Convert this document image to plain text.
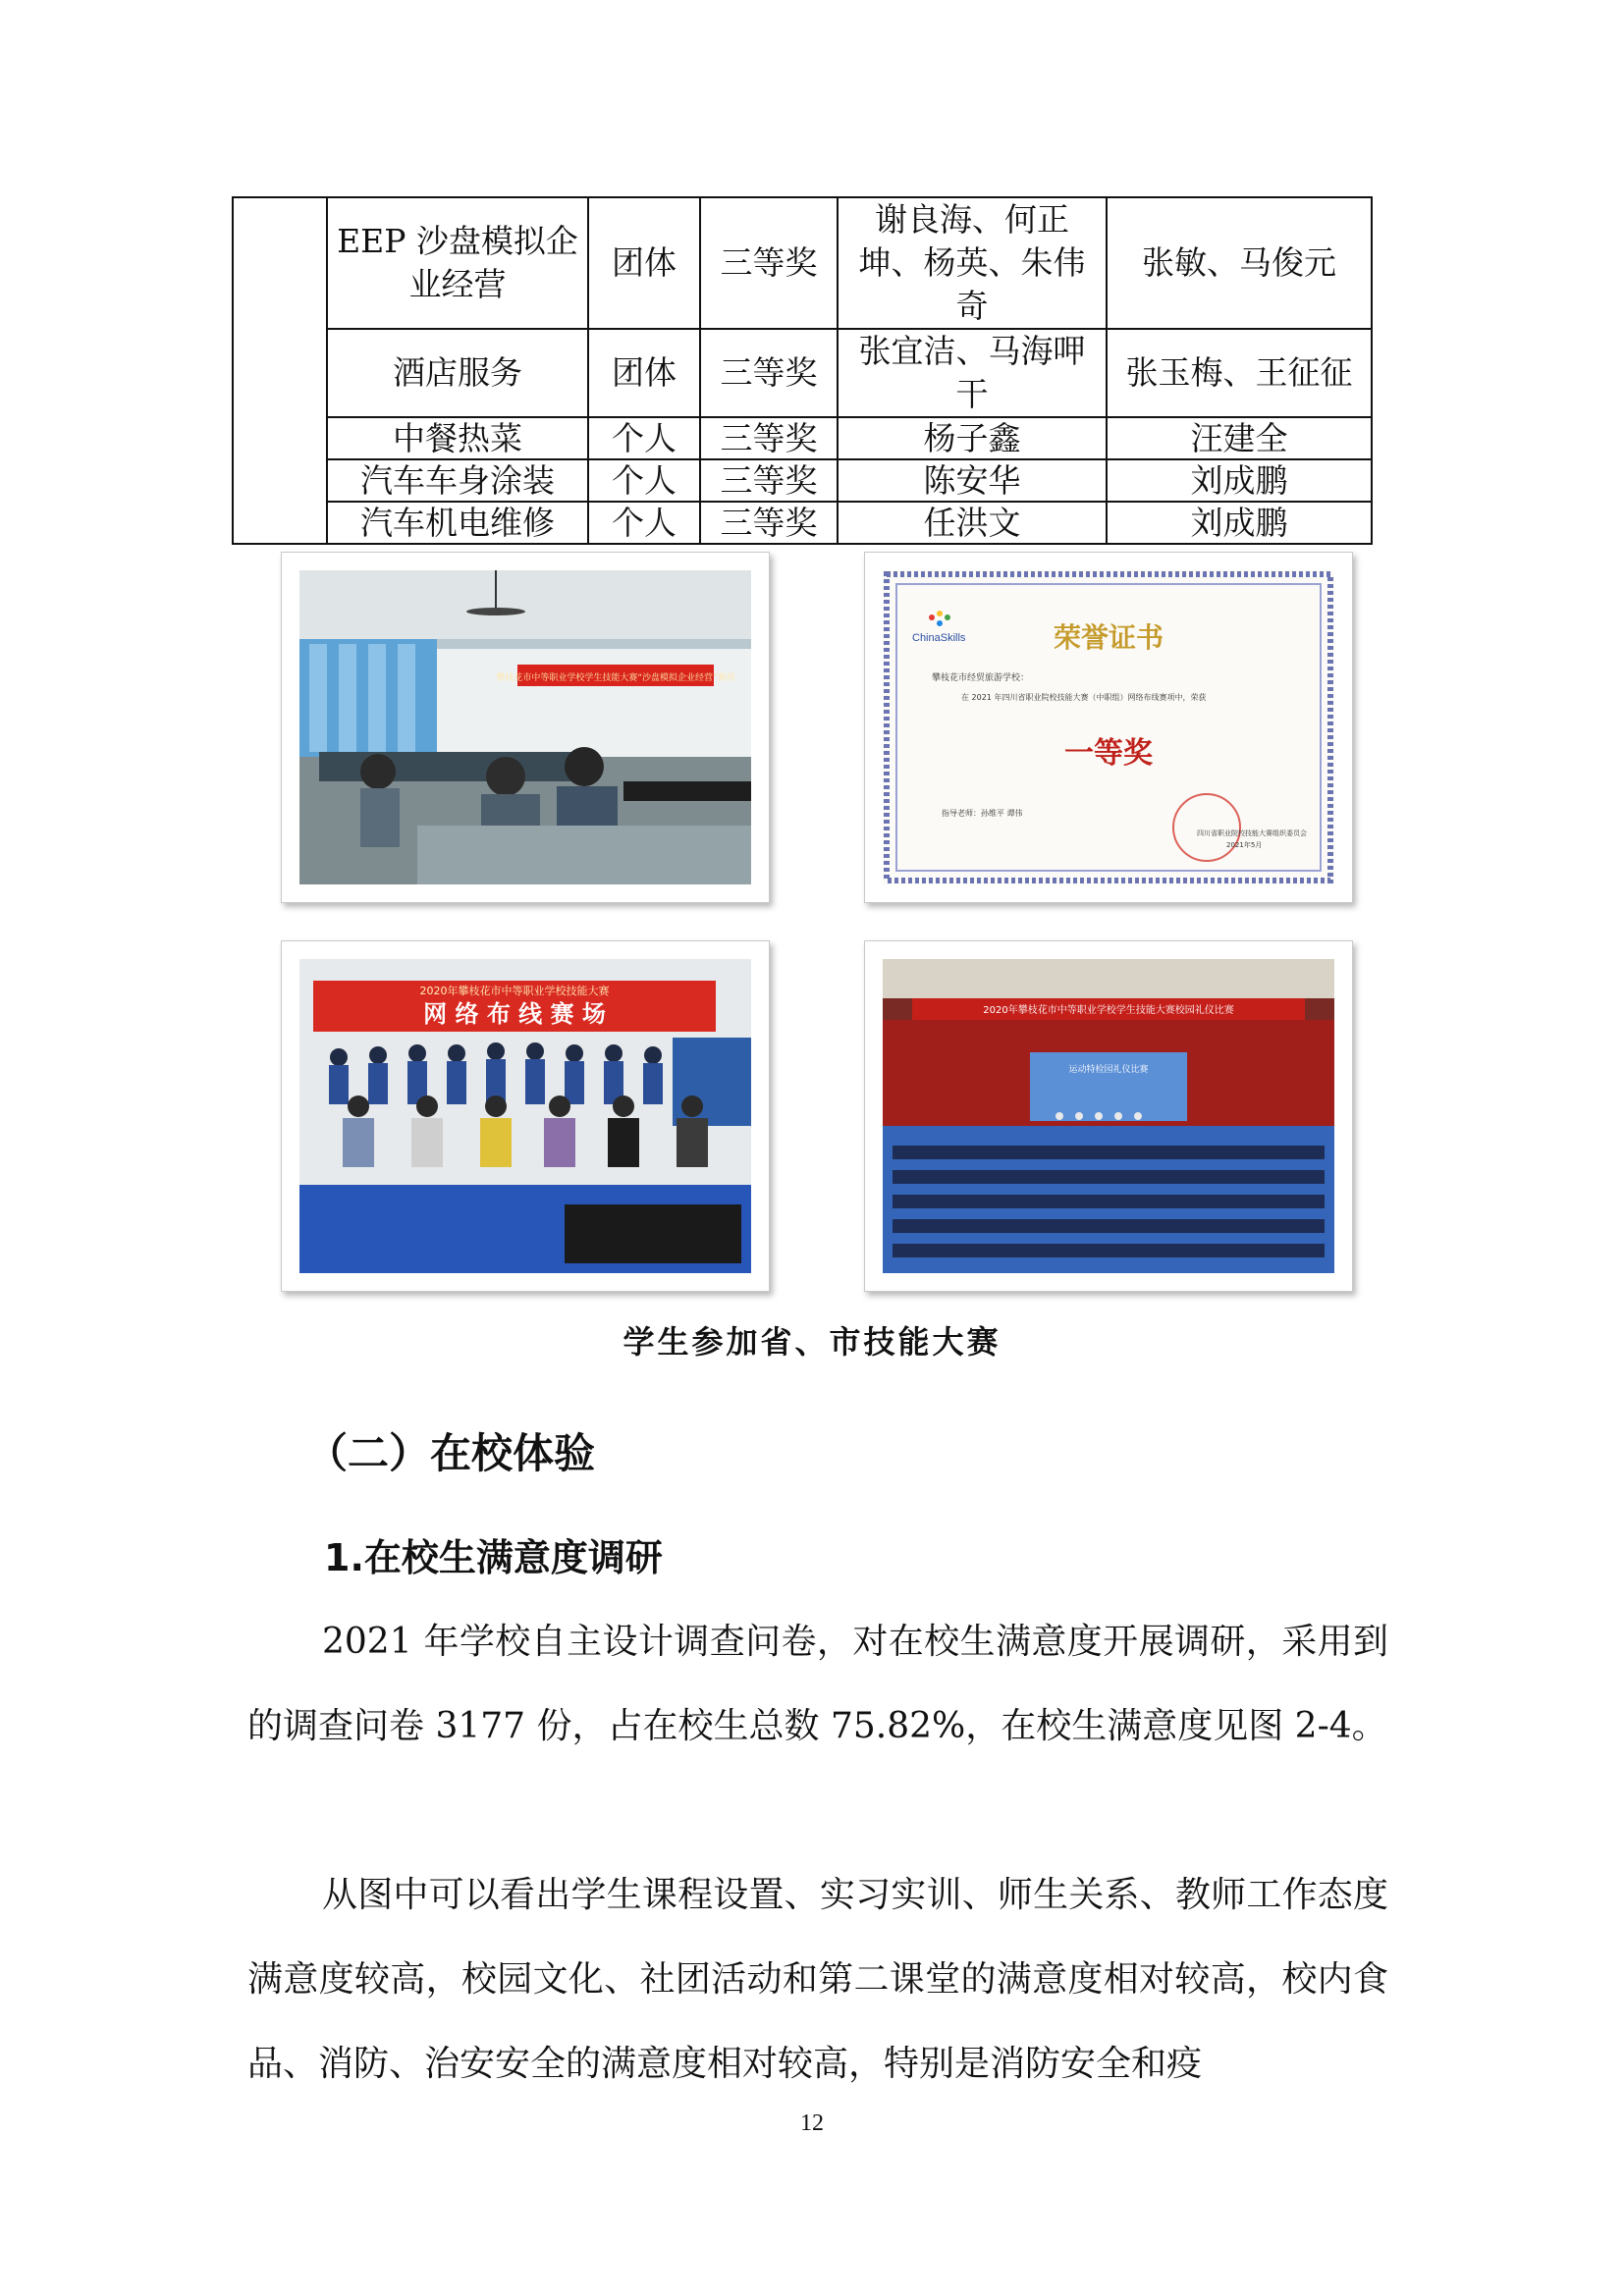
	EEP 沙盘模拟企业经营	团体	三等奖	谢良海、何正坤、杨英、朱伟奇	张敏、马俊元
	酒店服务	团体	三等奖	张宜洁、马海呷干	张玉梅、王征征
	中餐热菜	个人	三等奖	杨子鑫	汪建全
	汽车车身涂装	个人	三等奖	陈安华	刘成鹏
	汽车机电维修	个人	三等奖	任洪文	刘成鹏
攀枝花市中等职业学校学生技能大赛“沙盘模拟企业经营”赛项
ChinaSkills	荣誉证书
攀枝花市经贸旅游学校：
在 2021 年四川省职业院校技能大赛（中职组）网络布线赛项中，荣获
一等奖
指导老师：孙维平 谭伟
四川省职业院校技能大赛组织委员会
2021年5月
2020年攀枝花市中等职业学校技能大赛
网 络 布 线 赛 场	2020年攀枝花市中等职业学校学生技能大赛校园礼仪比赛
运动特检园礼仪比赛
学生参加省、市技能大赛
（二）在校体验
1.在校生满意度调研

2021 年学校自主设计调查问卷，对在校生满意度开展调研，采用到的调查问卷 3177 份，占在校生总数 75.82%，在校生满意度见图 2-4。

从图中可以看出学生课程设置、实习实训、师生关系、教师工作态度满意度较高，校园文化、社团活动和第二课堂的满意度相对较高，校内食品、消防、治安安全的满意度相对较高，特别是消防安全和疫

12
